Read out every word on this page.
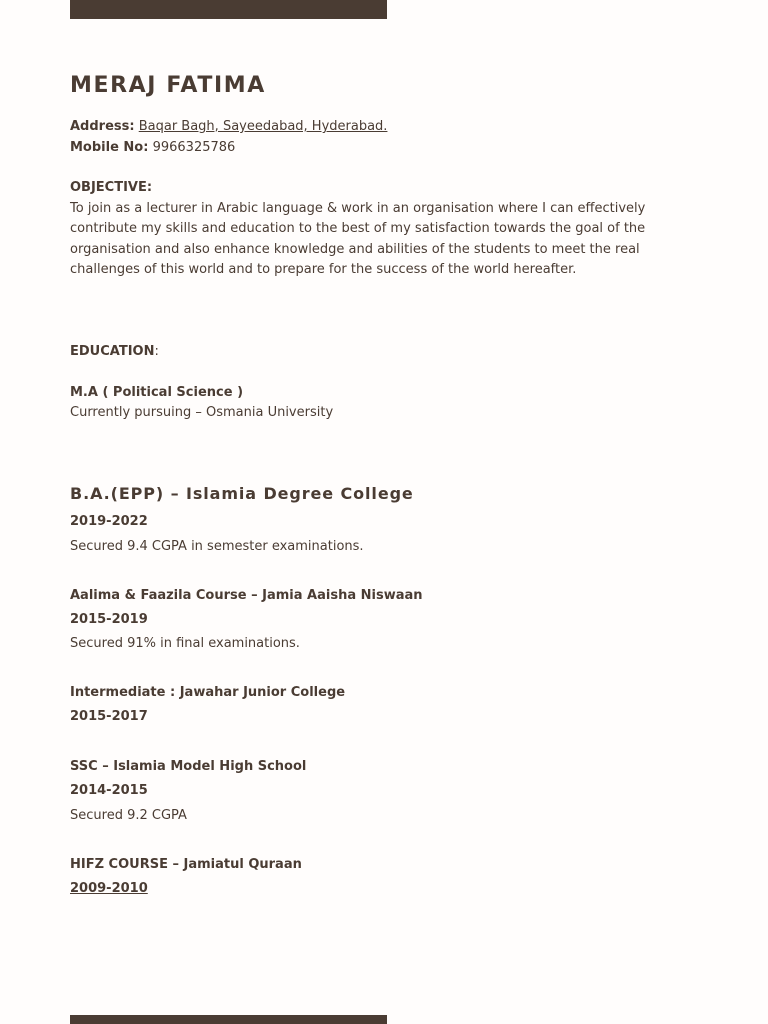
MERAJ FATIMA
Address: Baqar Bagh, Sayeedabad, Hyderabad.
Mobile No: 9966325786
OBJECTIVE:
To join as a lecturer in Arabic language & work in an organisation where I can effectively contribute my skills and education to the best of my satisfaction towards the goal of the organisation and also enhance knowledge and abilities of the students to meet the real challenges of this world and to prepare for the success of the world hereafter.
EDUCATION:
M.A ( Political Science )
Currently pursuing – Osmania University
B.A.(EPP) – Islamia Degree College
2019-2022
Secured 9.4 CGPA in semester examinations.
Aalima & Faazila Course – Jamia Aaisha Niswaan
2015-2019
Secured 91% in final examinations.
Intermediate : Jawahar Junior College
2015-2017
SSC – Islamia Model High School
2014-2015
Secured 9.2 CGPA
HIFZ COURSE – Jamiatul Quraan
2009-2010
